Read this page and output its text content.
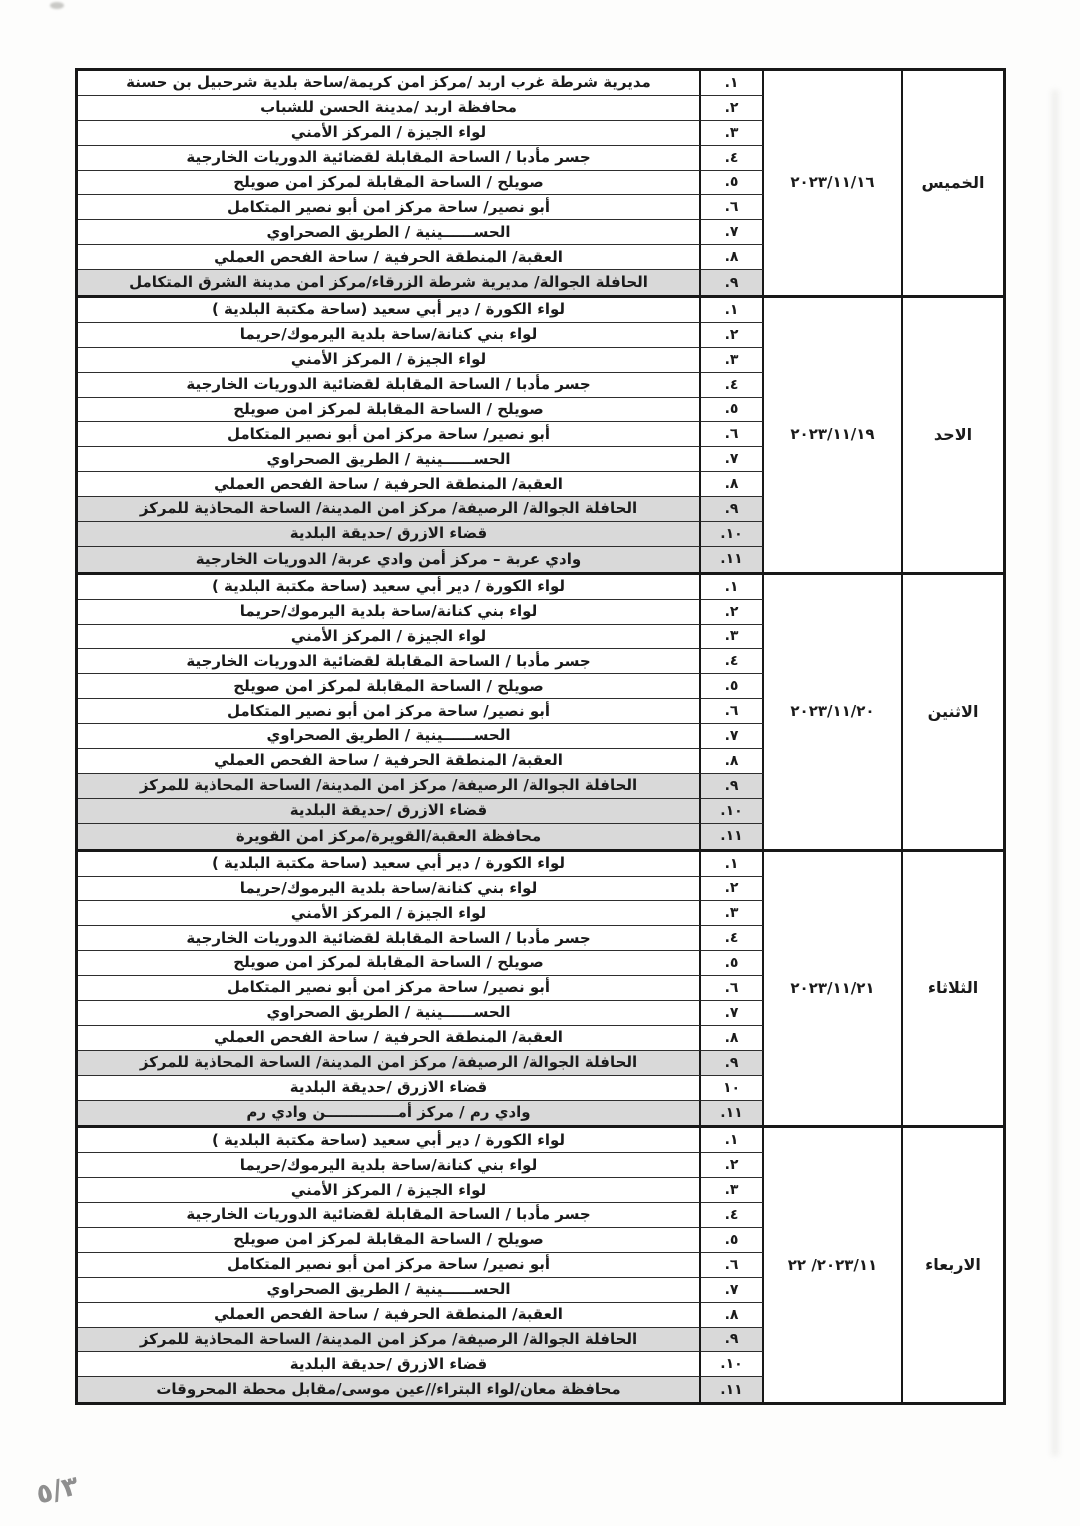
مديرية شرطة غرب اربد /مركز امن كريمة/ساحة بلدية شرحبيل بن حسنة	.١
محافظة اربد /مدينة الحسن للشباب	.٢
لواء الجيزة / المركز الأمني	.٣
جسر مأدبا / الساحة المقابلة لقضائية الدوريات الخارجية	.٤
صويلح / الساحة المقابلة لمركز امن صويلح	.٥
أبو نصير/ ساحة مركز امن أبو نصير المتكامل	.٦
الحســــــينية / الطريق الصحراوي	.٧
العقبة/ المنطقة الحرفية / ساحة الفحص العملي	.٨
الحافلة الجوالة/ مديرية شرطة الزرقاء/مركز امن مدينة الشرق المتكامل	.٩
٢٠٢٣/١١/١٦	الخميس
لواء الكورة / دير أبي سعيد (ساحة مكتبة البلدية )	.١
لواء بني كنانة/ساحة بلدية اليرموك/حريما	.٢
لواء الجيزة / المركز الأمني	.٣
جسر مأدبا / الساحة المقابلة لقضائية الدوريات الخارجية	.٤
صويلح / الساحة المقابلة لمركز امن صويلح	.٥
أبو نصير/ ساحة مركز امن أبو نصير المتكامل	.٦
الحســــــينية / الطريق الصحراوي	.٧
العقبة/ المنطقة الحرفية / ساحة الفحص العملي	.٨
الحافلة الجوالة/ الرصيفة/ مركز امن المدينة/ الساحة المحاذية للمركز	.٩
قضاء الازرق /حديقة البلدية	.١٠
وادي عربة – مركز أمن وادي عربة/ الدوريات الخارجية	.١١
٢٠٢٣/١١/١٩	الاحد
لواء الكورة / دير أبي سعيد (ساحة مكتبة البلدية )	.١
لواء بني كنانة/ساحة بلدية اليرموك/حريما	.٢
لواء الجيزة / المركز الأمني	.٣
جسر مأدبا / الساحة المقابلة لقضائية الدوريات الخارجية	.٤
صويلح / الساحة المقابلة لمركز امن صويلح	.٥
أبو نصير/ ساحة مركز امن أبو نصير المتكامل	.٦
الحســــــينية / الطريق الصحراوي	.٧
العقبة/ المنطقة الحرفية / ساحة الفحص العملي	.٨
الحافلة الجوالة/ الرصيفة/ مركز امن المدينة/ الساحة المحاذية للمركز	.٩
قضاء الازرق /حديقة البلدية	.١٠
محافظة العقبة/القويرة/مركز امن القويرة	.١١
٢٠٢٣/١١/٢٠	الاثنين
لواء الكورة / دير أبي سعيد (ساحة مكتبة البلدية )	.١
لواء بني كنانة/ساحة بلدية اليرموك/حريما	.٢
لواء الجيزة / المركز الأمني	.٣
جسر مأدبا / الساحة المقابلة لقضائية الدوريات الخارجية	.٤
صويلح / الساحة المقابلة لمركز امن صويلح	.٥
أبو نصير/ ساحة مركز امن أبو نصير المتكامل	.٦
الحســــــينية / الطريق الصحراوي	.٧
العقبة/ المنطقة الحرفية / ساحة الفحص العملي	.٨
الحافلة الجوالة/ الرصيفة/ مركز امن المدينة/ الساحة المحاذية للمركز	.٩
قضاء الازرق /حديقة البلدية	١٠
وادي رم / مركز أمــــــــــــــن وادي رم	.١١
٢٠٢٣/١١/٢١	الثلاثاء
لواء الكورة / دير أبي سعيد (ساحة مكتبة البلدية )	.١
لواء بني كنانة/ساحة بلدية اليرموك/حريما	.٢
لواء الجيزة / المركز الأمني	.٣
جسر مأدبا / الساحة المقابلة لقضائية الدوريات الخارجية	.٤
صويلح / الساحة المقابلة لمركز امن صويلح	.٥
أبو نصير/ ساحة مركز امن أبو نصير المتكامل	.٦
الحســــــينية / الطريق الصحراوي	.٧
العقبة/ المنطقة الحرفية / ساحة الفحص العملي	.٨
الحافلة الجوالة/ الرصيفة/ مركز امن المدينة/ الساحة المحاذية للمركز	.٩
قضاء الازرق /حديقة البلدية	.١٠
محافظة معان/لواء البتراء//عين موسى/مقابل محطة المحروقات	.١١
٢٠٢٣/١١/ ٢٢	الاربعاء
٥/٣
